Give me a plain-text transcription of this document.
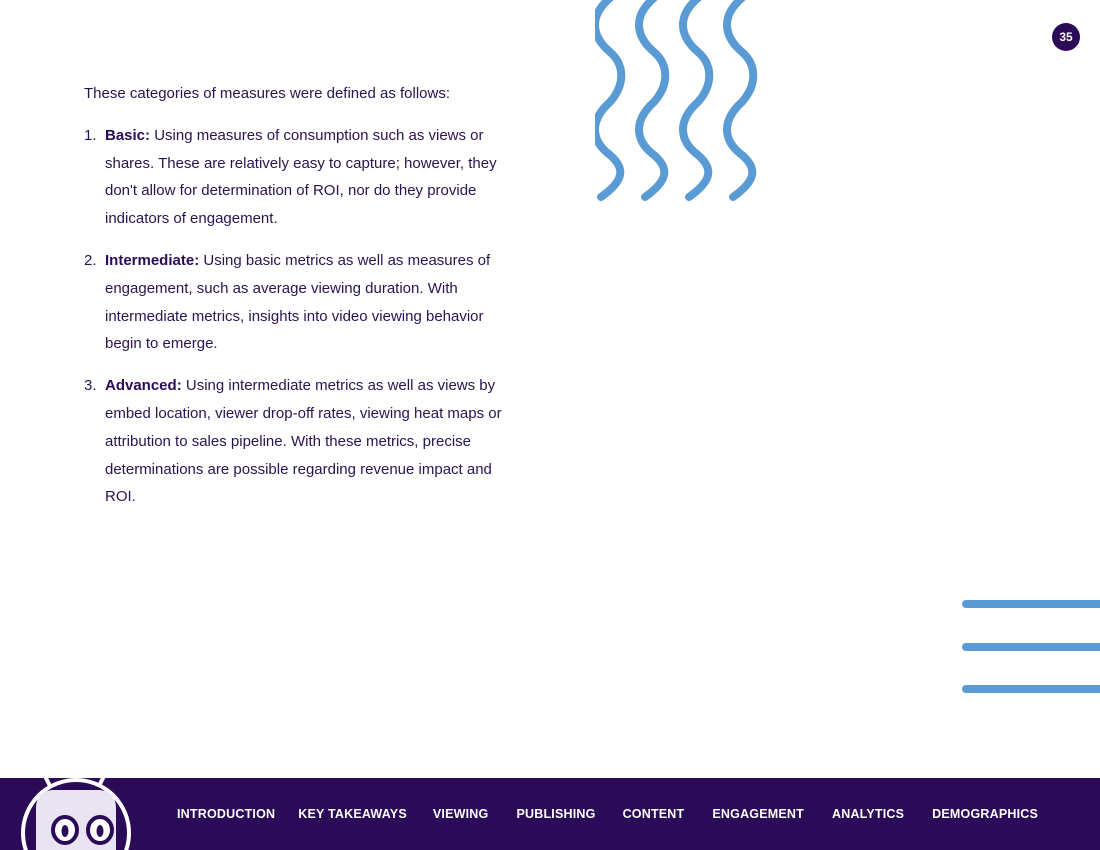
35

These categories of measures were defined as follows:

1. Basic: Using measures of consumption such as views or shares. These are relatively easy to capture; however, they don't allow for determination of ROI, nor do they provide indicators of engagement.
2. Intermediate: Using basic metrics as well as measures of engagement, such as average viewing duration. With intermediate metrics, insights into video viewing behavior begin to emerge.
3. Advanced: Using intermediate metrics as well as views by embed location, viewer drop-off rates, viewing heat maps or attribution to sales pipeline. With these metrics, precise determinations are possible regarding revenue impact and ROI.
INTRODUCTION KEY TAKEAWAYS VIEWING PUBLISHING CONTENT ENGAGEMENT ANALYTICS DEMOGRAPHICS
